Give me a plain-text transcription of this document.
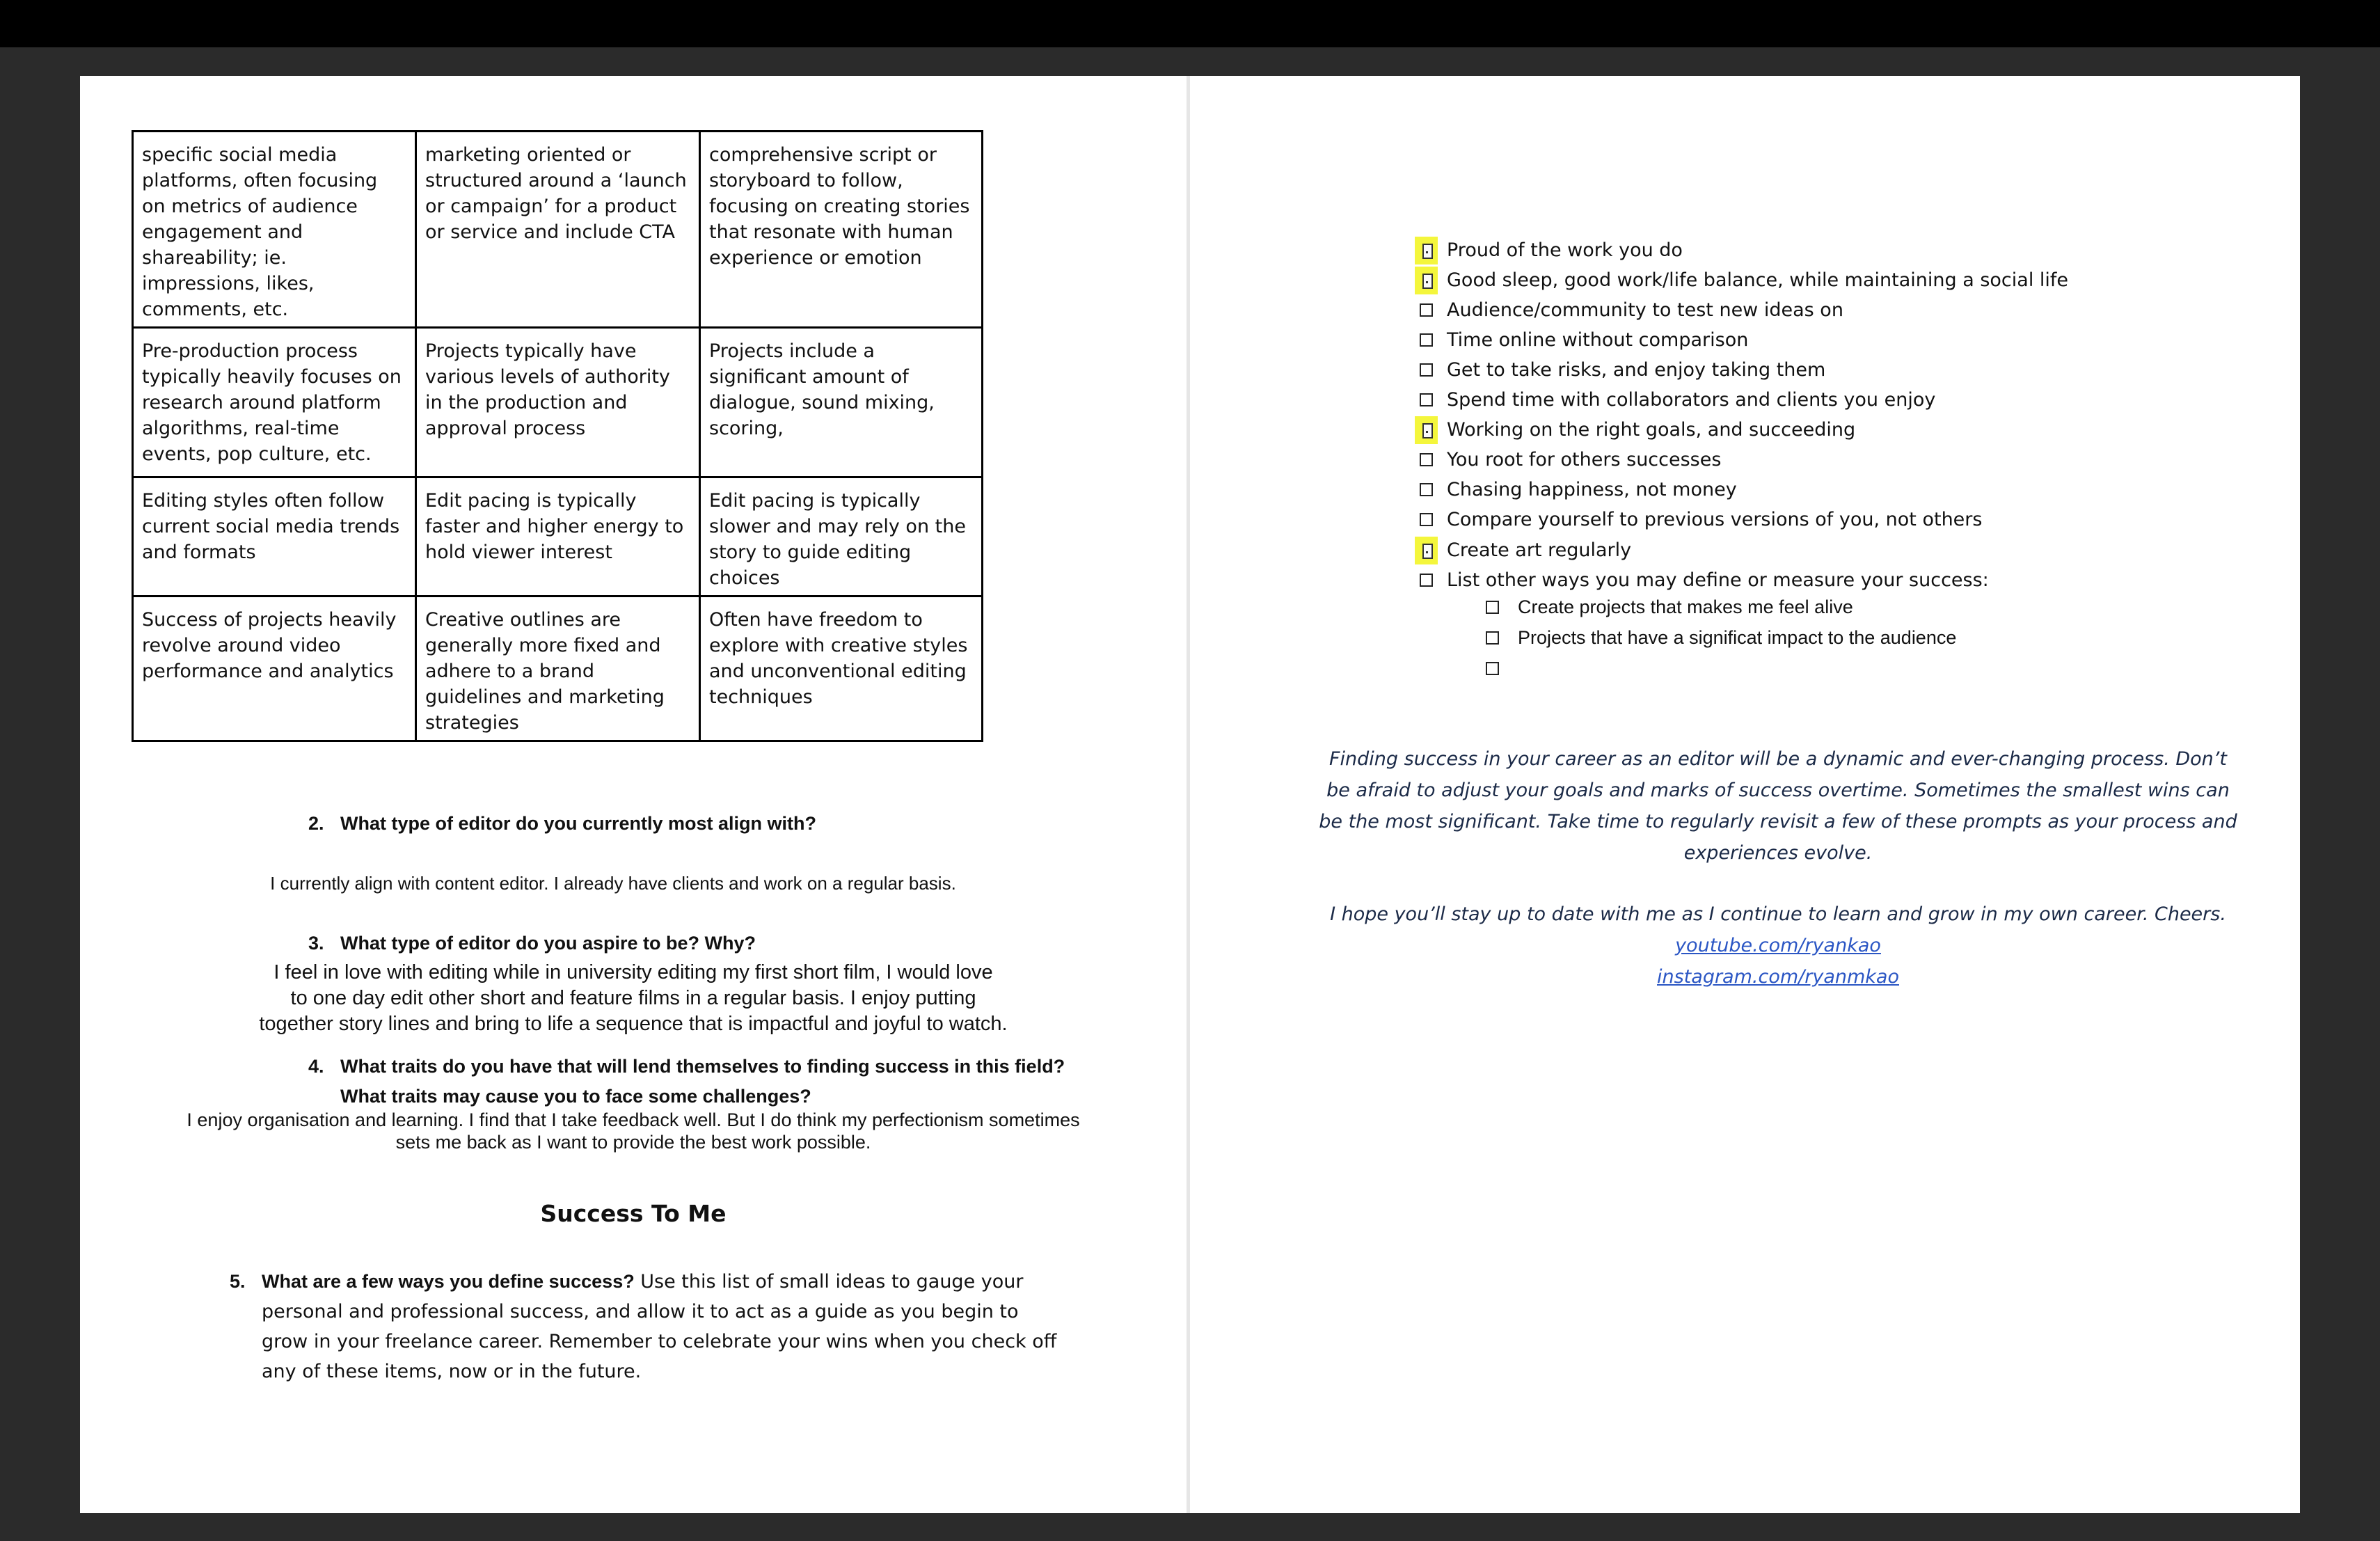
specific social media platforms, often focusing on metrics of audience engagement and shareability; ie. impressions, likes, comments, etc.	marketing oriented or structured around a ‘launch or campaign’ for a product or service and include CTA	comprehensive script or storyboard to follow, focusing on creating stories that resonate with human experience or emotion
Pre-production process typically heavily focuses on research around platform algorithms, real-time events, pop culture, etc.	Projects typically have various levels of authority in the production and approval process	Projects include a significant amount of dialogue, sound mixing, scoring,
Editing styles often follow current social media trends and formats	Edit pacing is typically faster and higher energy to hold viewer interest	Edit pacing is typically slower and may rely on the story to guide editing choices
Success of projects heavily revolve around video performance and analytics	Creative outlines are generally more fixed and adhere to a brand guidelines and marketing strategies	Often have freedom to explore with creative styles and unconventional editing techniques
2. What type of editor do you currently most align with?
I currently align with content editor. I already have clients and work on a regular basis.
3. What type of editor do you aspire to be? Why?
I feel in love with editing while in university editing my first short film, I would love
to one day edit other short and feature films in a regular basis. I enjoy putting
together story lines and bring to life a sequence that is impactful and joyful to watch.
4. What traits do you have that will lend themselves to finding success in this field?
What traits may cause you to face some challenges?
I enjoy organisation and learning. I find that I take feedback well. But I do think my perfectionism sometimes
sets me back as I want to provide the best work possible.
Success To Me
5. What are a few ways you define success? Use this list of small ideas to gauge your personal and professional success, and allow it to act as a guide as you begin to grow in your freelance career. Remember to celebrate your wins when you check off any of these items, now or in the future.
Proud of the work you do
Good sleep, good work/life balance, while maintaining a social life
Audience/community to test new ideas on
Time online without comparison
Get to take risks, and enjoy taking them
Spend time with collaborators and clients you enjoy
Working on the right goals, and succeeding
You root for others successes
Chasing happiness, not money
Compare yourself to previous versions of you, not others
Create art regularly
List other ways you may define or measure your success:
Create projects that makes me feel alive
Projects that have a significat impact to the audience
Finding success in your career as an editor will be a dynamic and ever-changing process. Don’t
be afraid to adjust your goals and marks of success overtime. Sometimes the smallest wins can
be the most significant. Take time to regularly revisit a few of these prompts as your process and
experiences evolve.
I hope you’ll stay up to date with me as I continue to learn and grow in my own career. Cheers.
youtube.com/ryankao
instagram.com/ryanmkao
